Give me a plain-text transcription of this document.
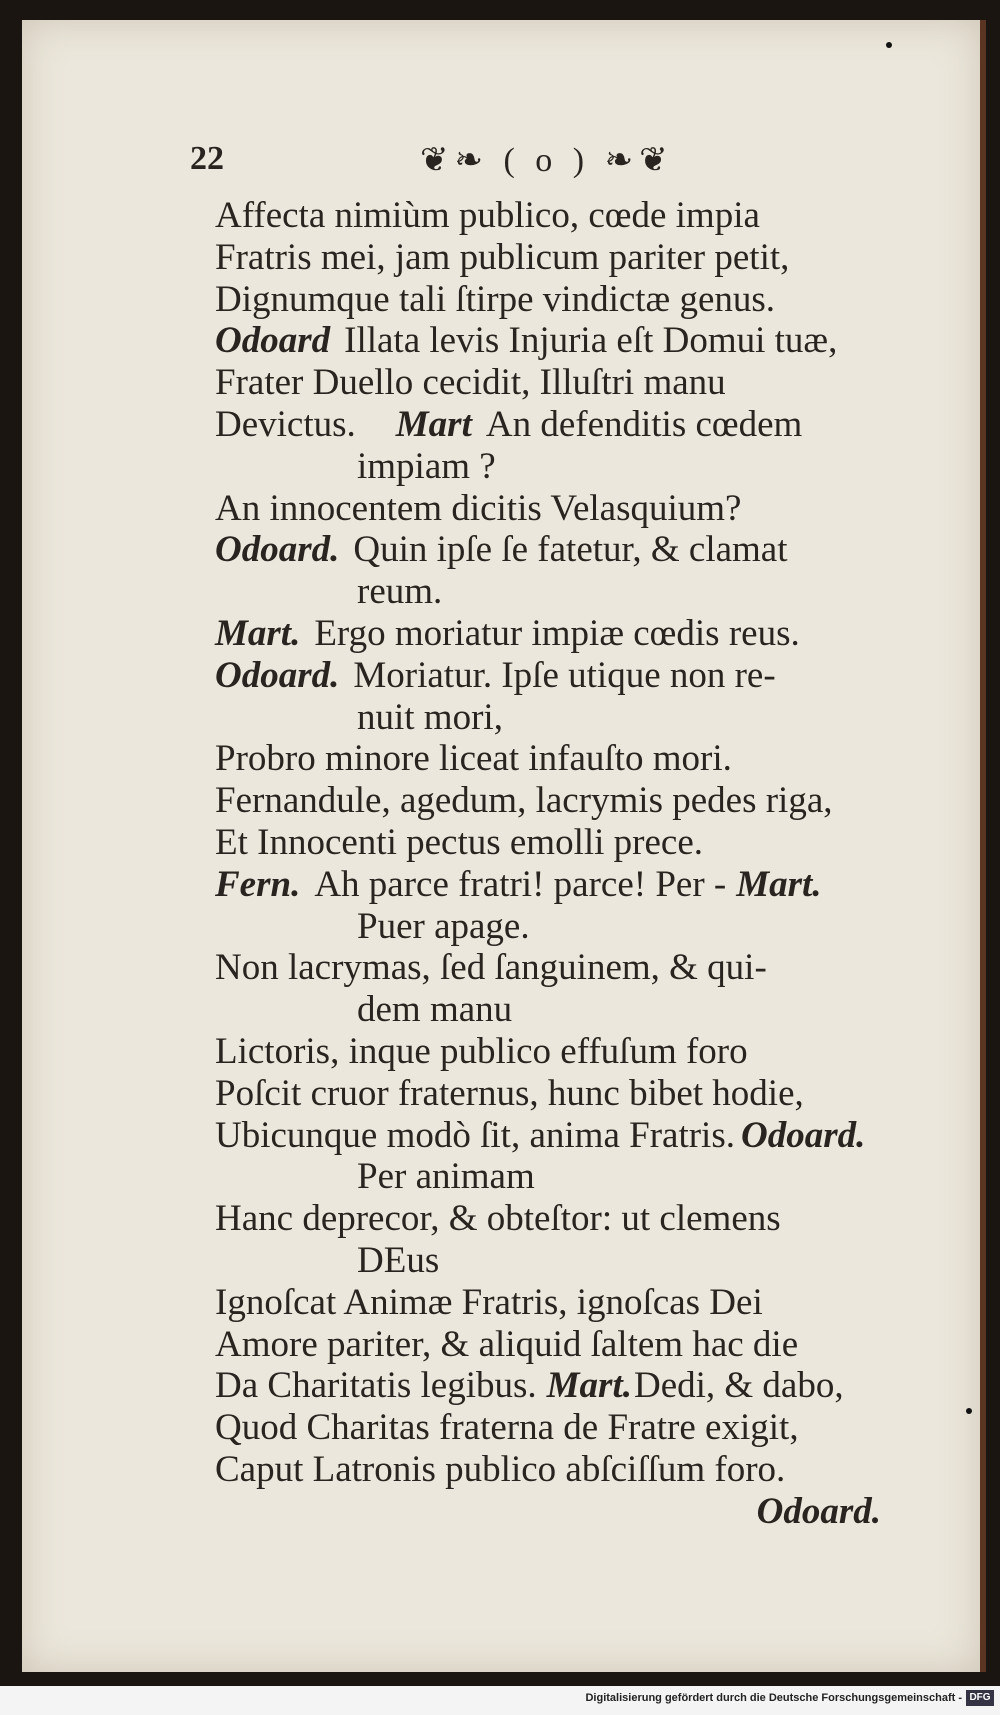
22	❦❧ ( o ) ❧❦
Affecta nimiùm publico, cœde impia
Fratris mei, jam publicum pariter petit,
Dignumque tali ſtirpe vindictæ genus.
Odoard Illata levis Injuria eſt Domui tuæ,
Frater Duello cecidit, Illuſtri manu
Devictus. Mart An defenditis cœdem
impiam ?
An innocentem dicitis Velasquium?
Odoard. Quin ipſe ſe fatetur, & clamat
reum.
Mart. Ergo moriatur impiæ cœdis reus.
Odoard. Moriatur. Ipſe utique non re-
nuit mori,
Probro minore liceat infauſto mori.
Fernandule, agedum, lacrymis pedes riga,
Et Innocenti pectus emolli prece.
Fern. Ah parce fratri! parce! Per - Mart.
Puer apage.
Non lacrymas, ſed ſanguinem, & qui-
dem manu
Lictoris, inque publico effuſum foro
Poſcit cruor fraternus, hunc bibet hodie,
Ubicunque modò ſit, anima Fratris. Odoard.
Per animam
Hanc deprecor, & obteſtor: ut clemens
DEus
Ignoſcat Animæ Fratris, ignoſcas Dei
Amore pariter, & aliquid ſaltem hac die
Da Charitatis legibus. Mart.Dedi, & dabo,
Quod Charitas fraterna de Fratre exigit,
Caput Latronis publico abſciſſum foro.
Odoard.
Digitalisierung gefördert durch die Deutsche Forschungsgemeinschaft - DFG
